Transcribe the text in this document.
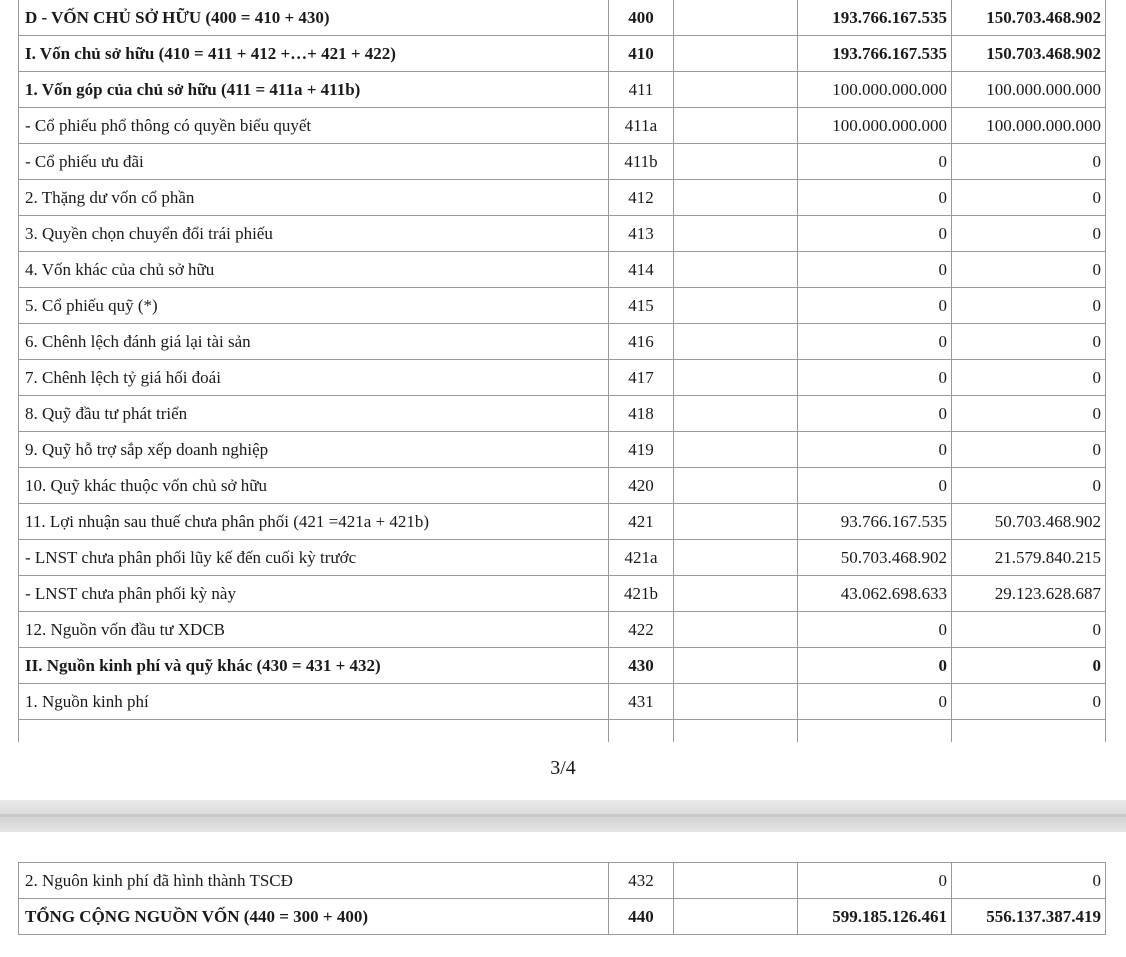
D - VỐN CHỦ SỞ HỮU (400 = 410 + 430)	400		193.766.167.535	150.703.468.902
I. Vốn chủ sở hữu (410 = 411 + 412 +…+ 421 + 422)	410		193.766.167.535	150.703.468.902
1. Vốn góp của chủ sở hữu (411 = 411a + 411b)	411		100.000.000.000	100.000.000.000
- Cổ phiếu phổ thông có quyền biểu quyết	411a		100.000.000.000	100.000.000.000
- Cổ phiếu ưu đãi	411b		0	0
2. Thặng dư vốn cổ phần	412		0	0
3. Quyền chọn chuyển đổi trái phiếu	413		0	0
4. Vốn khác của chủ sở hữu	414		0	0
5. Cổ phiếu quỹ (*)	415		0	0
6. Chênh lệch đánh giá lại tài sản	416		0	0
7. Chênh lệch tỷ giá hối đoái	417		0	0
8. Quỹ đầu tư phát triển	418		0	0
9. Quỹ hỗ trợ sắp xếp doanh nghiệp	419		0	0
10. Quỹ khác thuộc vốn chủ sở hữu	420		0	0
11. Lợi nhuận sau thuế chưa phân phối (421 =421a + 421b)	421		93.766.167.535	50.703.468.902
- LNST chưa phân phối lũy kế đến cuối kỳ trước	421a		50.703.468.902	21.579.840.215
- LNST chưa phân phối kỳ này	421b		43.062.698.633	29.123.628.687
12. Nguồn vốn đầu tư XDCB	422		0	0
II. Nguồn kinh phí và quỹ khác (430 = 431 + 432)	430		0	0
1. Nguồn kinh phí	431		0	0

3/4
2. Nguôn kinh phí đã hình thành TSCĐ	432		0	0
TỔNG CỘNG NGUỒN VỐN (440 = 300 + 400)	440		599.185.126.461	556.137.387.419
